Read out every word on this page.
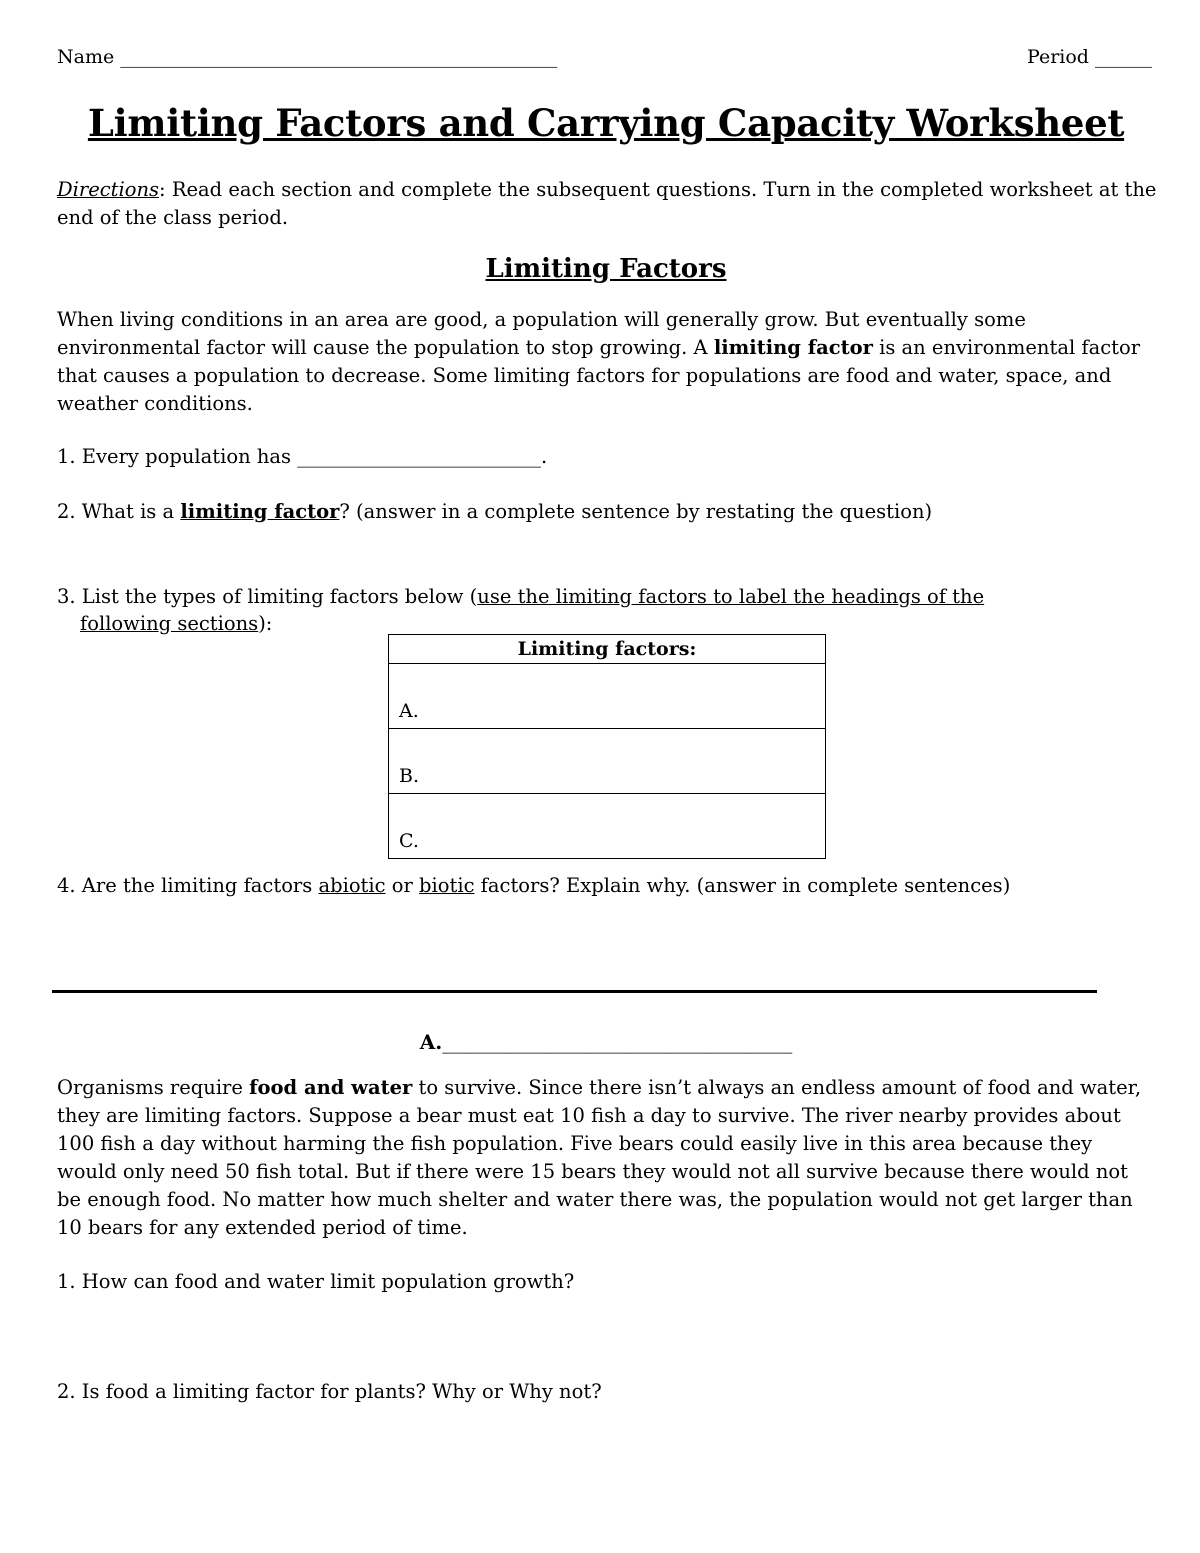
Name ______________________________________________	Period ______
Limiting Factors and Carrying Capacity Worksheet
Directions: Read each section and complete the subsequent questions. Turn in the completed worksheet at the end of the class period.
Limiting Factors
When living conditions in an area are good, a population will generally grow. But eventually some environmental factor will cause the population to stop growing. A limiting factor is an environmental factor that causes a population to decrease. Some limiting factors for populations are food and water, space, and weather conditions.
1. Every population has _________________________.
2. What is a limiting factor? (answer in a complete sentence by restating the question)
3. List the types of limiting factors below (use the limiting factors to label the headings of the
following sections):
Limiting factors:
A.
B.
C.
4. Are the limiting factors abiotic or biotic factors? Explain why. (answer in complete sentences)
A.___________________________________
Organisms require food and water to survive. Since there isn’t always an endless amount of food and water, they are limiting factors. Suppose a bear must eat 10 fish a day to survive. The river nearby provides about 100 fish a day without harming the fish population. Five bears could easily live in this area because they would only need 50 fish total. But if there were 15 bears they would not all survive because there would not be enough food. No matter how much shelter and water there was, the population would not get larger than 10 bears for any extended period of time.
1. How can food and water limit population growth?
2. Is food a limiting factor for plants? Why or Why not?
